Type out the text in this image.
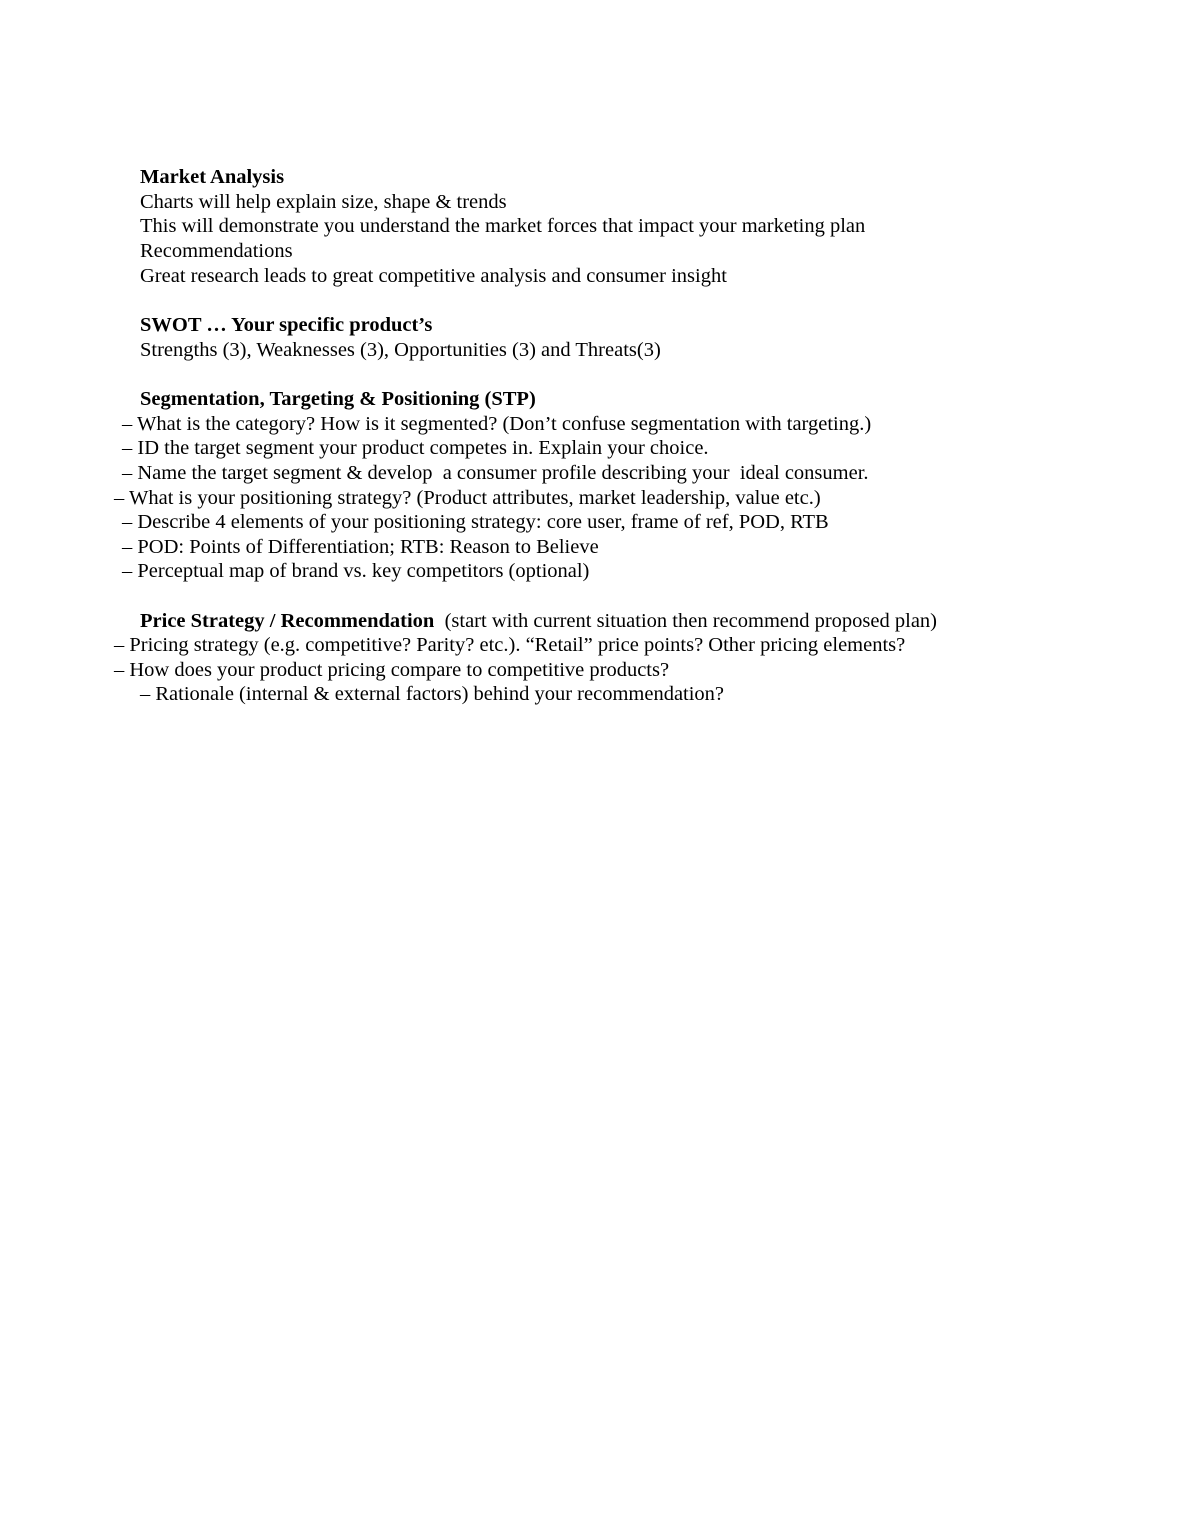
Market Analysis

Charts will help explain size, shape & trends

This will demonstrate you understand the market forces that impact your marketing plan

Recommendations

Great research leads to great competitive analysis and consumer insight

SWOT … Your specific product’s

Strengths (3), Weaknesses (3), Opportunities (3) and Threats(3)

Segmentation, Targeting & Positioning (STP)

– What is the category? How is it segmented? (Don’t confuse segmentation with targeting.)

– ID the target segment your product competes in. Explain your choice.

– Name the target segment & develop  a consumer profile describing your  ideal consumer.

– What is your positioning strategy? (Product attributes, market leadership, value etc.)

– Describe 4 elements of your positioning strategy: core user, frame of ref, POD, RTB

– POD: Points of Differentiation; RTB: Reason to Believe

– Perceptual map of brand vs. key competitors (optional)

Price Strategy / Recommendation  (start with current situation then recommend proposed plan)

– Pricing strategy (e.g. competitive? Parity? etc.). “Retail” price points? Other pricing elements?

– How does your product pricing compare to competitive products?

– Rationale (internal & external factors) behind your recommendation?
